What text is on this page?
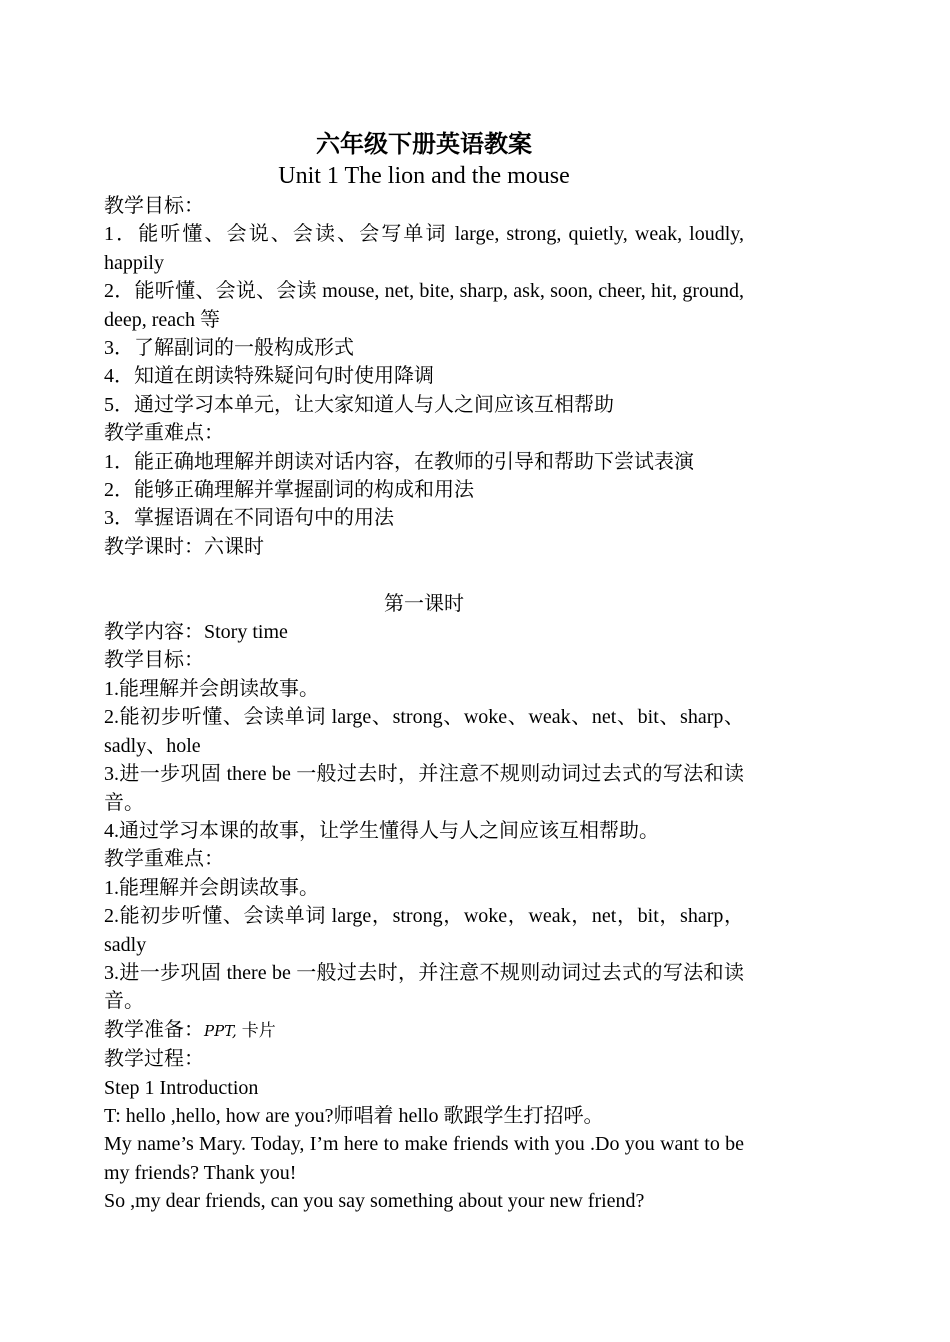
六年级下册英语教案
Unit 1 The lion and the mouse
教学目标：
1．能听懂、会说、会读、会写单词 large, strong, quietly, weak, loudly, happily
2．能听懂、会说、会读 mouse, net, bite, sharp, ask, soon, cheer, hit, ground, deep, reach 等
3．了解副词的一般构成形式
4．知道在朗读特殊疑问句时使用降调
5．通过学习本单元，让大家知道人与人之间应该互相帮助
教学重难点：
1．能正确地理解并朗读对话内容，在教师的引导和帮助下尝试表演
2．能够正确理解并掌握副词的构成和用法
3．掌握语调在不同语句中的用法
教学课时：六课时
第一课时
教学内容：Story time
教学目标：
1.能理解并会朗读故事。
2.能初步听懂、会读单词 large、strong、woke、weak、net、bit、sharp、sadly、hole
3.进一步巩固 there be 一般过去时，并注意不规则动词过去式的写法和读音。
4.通过学习本课的故事，让学生懂得人与人之间应该互相帮助。
教学重难点：
1.能理解并会朗读故事。
2.能初步听懂、会读单词 large，strong，woke，weak，net，bit，sharp，sadly
3.进一步巩固 there be 一般过去时，并注意不规则动词过去式的写法和读音。
教学准备：PPT, 卡片
教学过程：
Step 1 Introduction
T: hello ,hello, how are you?师唱着 hello 歌跟学生打招呼。
My name’s Mary. Today, I’m here to make friends with you .Do you want to be my friends? Thank you!
So ,my dear friends, can you say something about your new friend?
